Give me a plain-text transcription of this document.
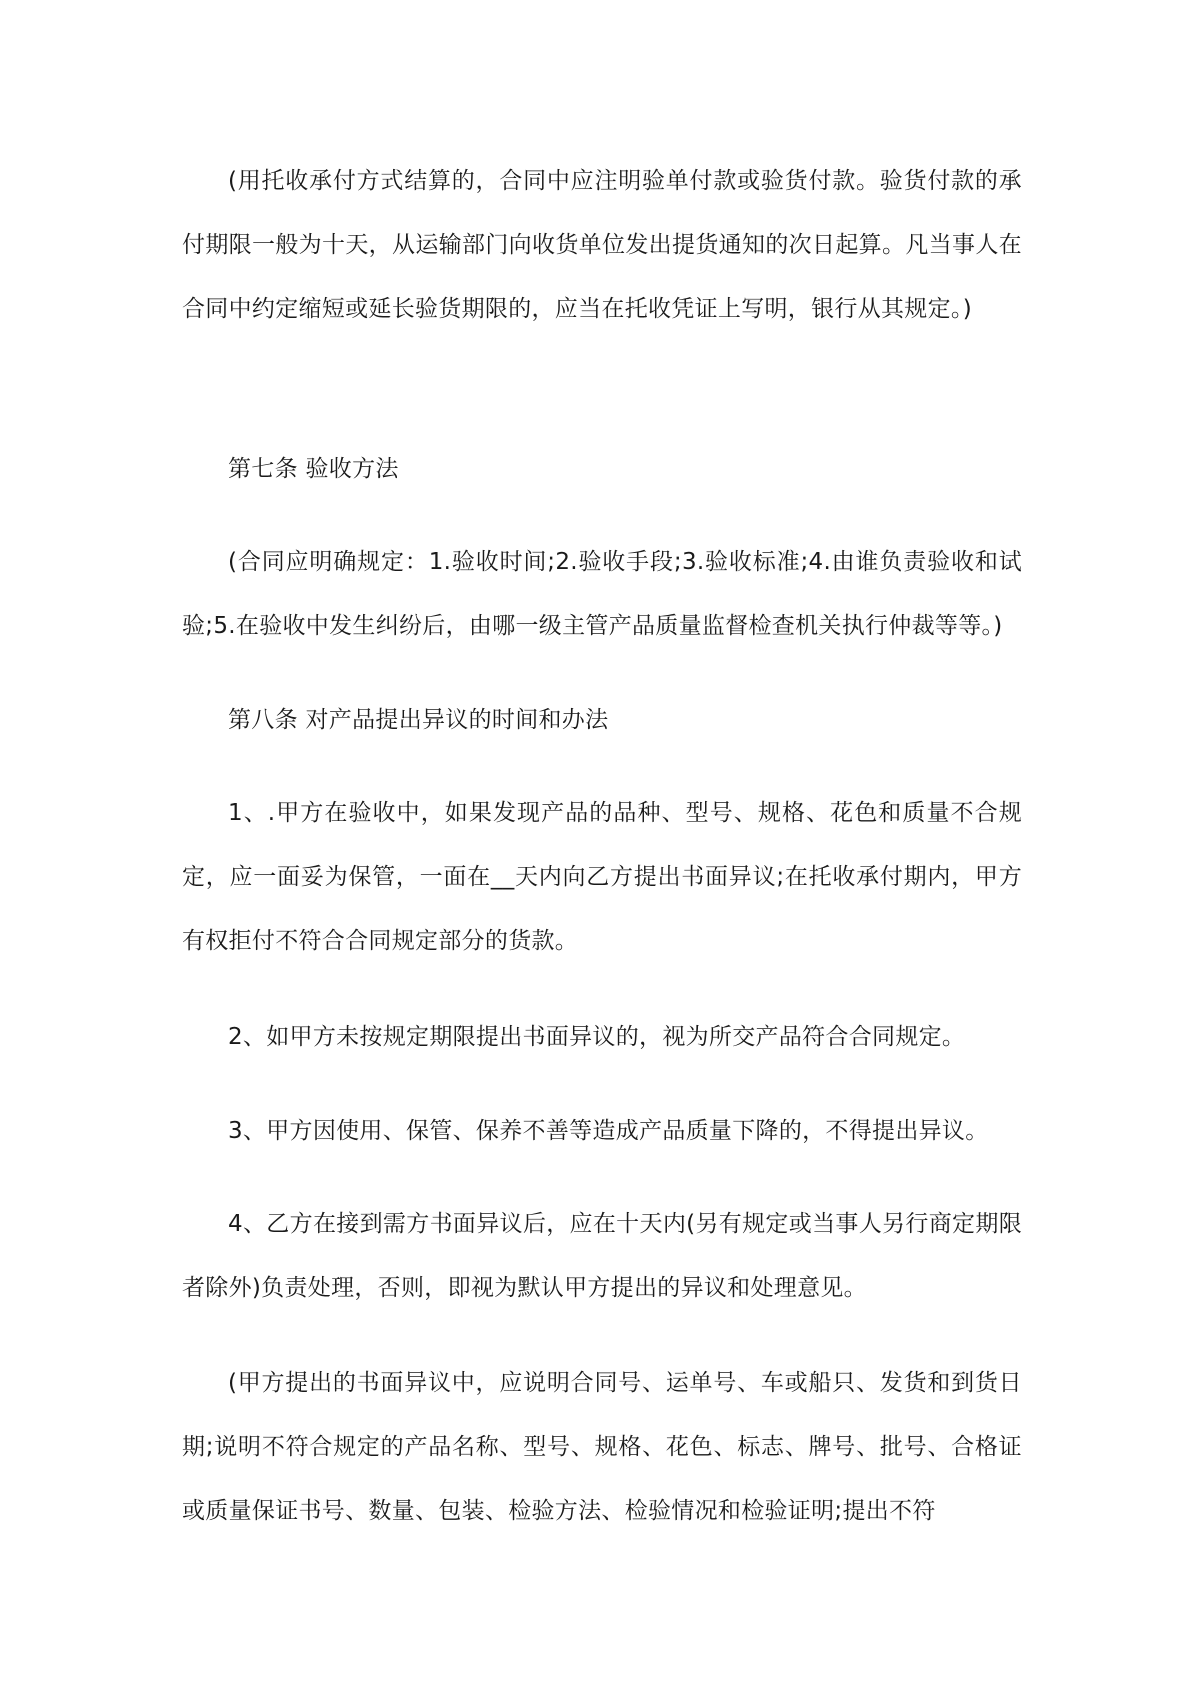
(用托收承付方式结算的，合同中应注明验单付款或验货付款。验货付款的承付期限一般为十天，从运输部门向收货单位发出提货通知的次日起算。凡当事人在合同中约定缩短或延长验货期限的，应当在托收凭证上写明，银行从其规定。)

第七条 验收方法

(合同应明确规定：1.验收时间;2.验收手段;3.验收标准;4.由谁负责验收和试验;5.在验收中发生纠纷后，由哪一级主管产品质量监督检查机关执行仲裁等等。)

第八条 对产品提出异议的时间和办法

1、.甲方在验收中，如果发现产品的品种、型号、规格、花色和质量不合规定，应一面妥为保管，一面在__天内向乙方提出书面异议;在托收承付期内，甲方有权拒付不符合合同规定部分的货款。

2、如甲方未按规定期限提出书面异议的，视为所交产品符合合同规定。

3、甲方因使用、保管、保养不善等造成产品质量下降的，不得提出异议。

4、乙方在接到需方书面异议后，应在十天内(另有规定或当事人另行商定期限者除外)负责处理，否则，即视为默认甲方提出的异议和处理意见。

(甲方提出的书面异议中，应说明合同号、运单号、车或船只、发货和到货日期;说明不符合规定的产品名称、型号、规格、花色、标志、牌号、批号、合格证或质量保证书号、数量、包装、检验方法、检验情况和检验证明;提出不符
